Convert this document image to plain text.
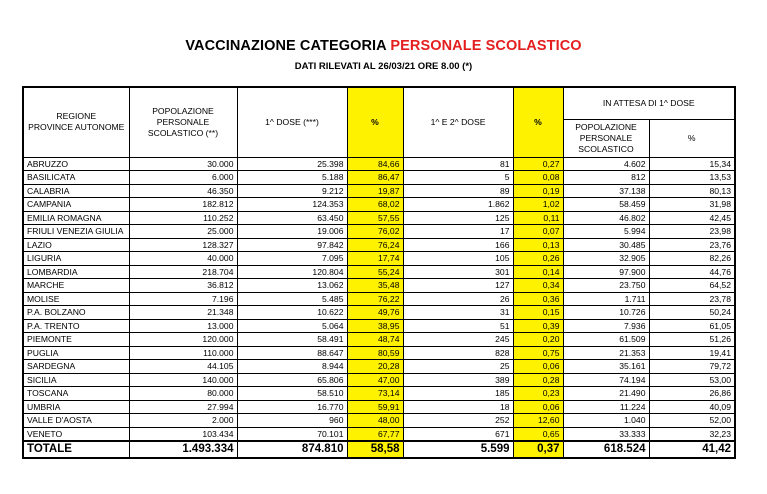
VACCINAZIONE CATEGORIA PERSONALE SCOLASTICO
DATI RILEVATI AL 26/03/21 ORE 8.00 (*)
REGIONE
PROVINCE AUTONOME	POPOLAZIONE PERSONALE SCOLASTICO (**)	1^ DOSE (***)	%	1^ E 2^ DOSE	%	IN ATTESA DI 1^ DOSE	
						POPOLAZIONE PERSONALE SCOLASTICO	%
ABRUZZO	30.000	25.398	84,66	81	0,27	4.602	15,34
BASILICATA	6.000	5.188	86,47	5	0,08	812	13,53
CALABRIA	46.350	9.212	19,87	89	0,19	37.138	80,13
CAMPANIA	182.812	124.353	68,02	1.862	1,02	58.459	31,98
EMILIA ROMAGNA	110.252	63.450	57,55	125	0,11	46.802	42,45
FRIULI VENEZIA GIULIA	25.000	19.006	76,02	17	0,07	5.994	23,98
LAZIO	128.327	97.842	76,24	166	0,13	30.485	23,76
LIGURIA	40.000	7.095	17,74	105	0,26	32.905	82,26
LOMBARDIA	218.704	120.804	55,24	301	0,14	97.900	44,76
MARCHE	36.812	13.062	35,48	127	0,34	23.750	64,52
MOLISE	7.196	5.485	76,22	26	0,36	1.711	23,78
P.A. BOLZANO	21.348	10.622	49,76	31	0,15	10.726	50,24
P.A. TRENTO	13.000	5.064	38,95	51	0,39	7.936	61,05
PIEMONTE	120.000	58.491	48,74	245	0,20	61.509	51,26
PUGLIA	110.000	88.647	80,59	828	0,75	21.353	19,41
SARDEGNA	44.105	8.944	20,28	25	0,06	35.161	79,72
SICILIA	140.000	65.806	47,00	389	0,28	74.194	53,00
TOSCANA	80.000	58.510	73,14	185	0,23	21.490	26,86
UMBRIA	27.994	16.770	59,91	18	0,06	11.224	40,09
VALLE D'AOSTA	2.000	960	48,00	252	12,60	1.040	52,00
VENETO	103.434	70.101	67,77	671	0,65	33.333	32,23
TOTALE	1.493.334	874.810	58,58	5.599	0,37	618.524	41,42
